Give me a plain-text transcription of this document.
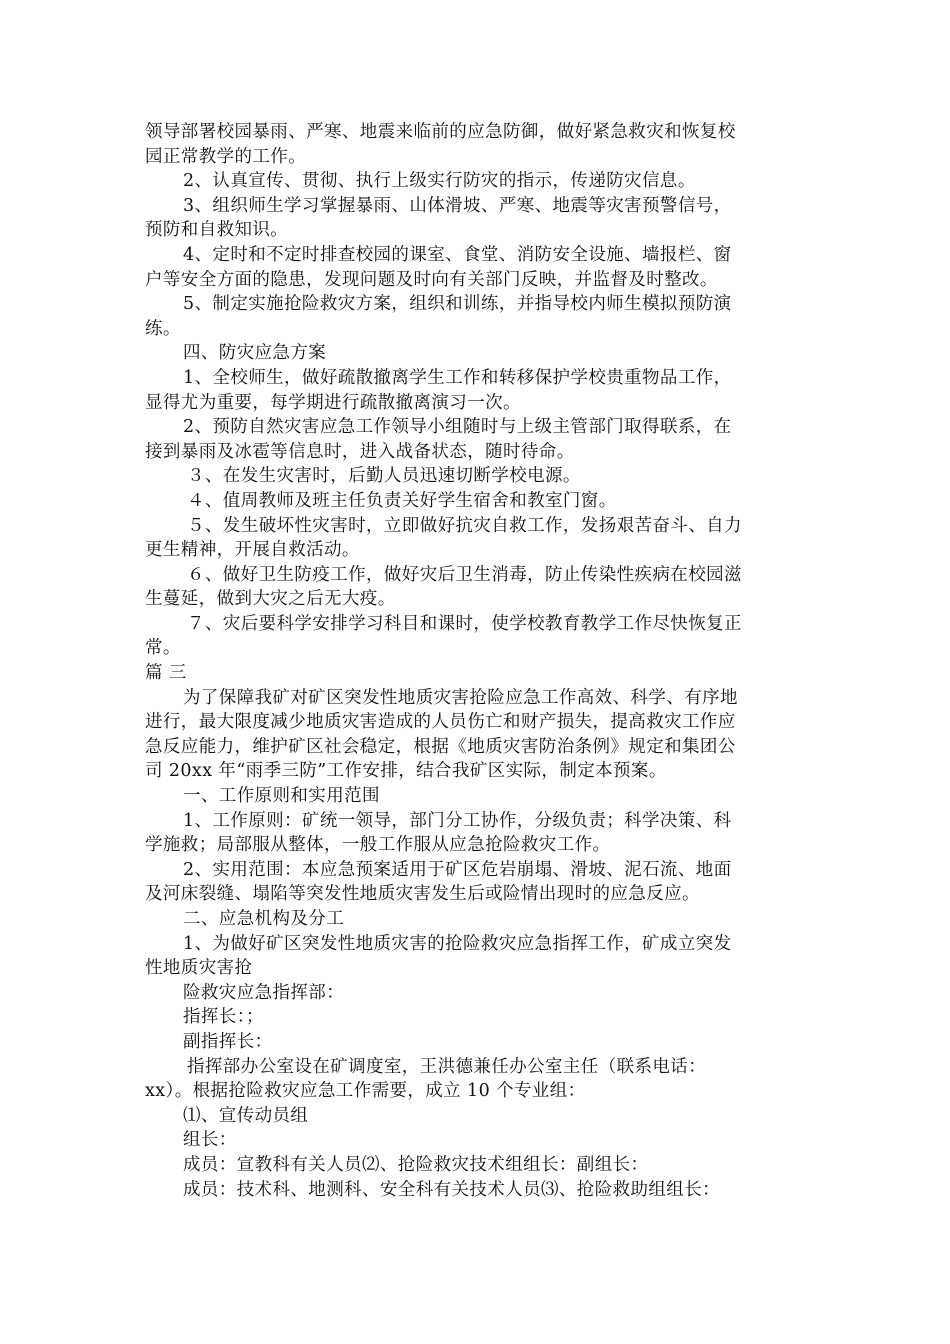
领导部署校园暴雨、严寒、地震来临前的应急防御，做好紧急救灾和恢复校
园正常教学的工作。
2、认真宣传、贯彻、执行上级实行防灾的指示，传递防灾信息。
3、组织师生学习掌握暴雨、山体滑坡、严寒、地震等灾害预警信号，
预防和自救知识。
4、定时和不定时排查校园的课室、食堂、消防安全设施、墙报栏、窗
户等安全方面的隐患，发现问题及时向有关部门反映，并监督及时整改。
5、制定实施抢险救灾方案，组织和训练，并指导校内师生模拟预防演
练。
四、防灾应急方案
1、全校师生，做好疏散撤离学生工作和转移保护学校贵重物品工作，
显得尤为重要，每学期进行疏散撤离演习一次。
2、预防自然灾害应急工作领导小组随时与上级主管部门取得联系，在
接到暴雨及冰雹等信息时，进入战备状态，随时待命。
３、在发生灾害时，后勤人员迅速切断学校电源。
４、值周教师及班主任负责关好学生宿舍和教室门窗。
５、发生破坏性灾害时，立即做好抗灾自救工作，发扬艰苦奋斗、自力
更生精神，开展自救活动。
６、做好卫生防疫工作，做好灾后卫生消毒，防止传染性疾病在校园滋
生蔓延，做到大灾之后无大疫。
７、灾后要科学安排学习科目和课时，使学校教育教学工作尽快恢复正
常。
篇 三
为了保障我矿对矿区突发性地质灾害抢险应急工作高效、科学、有序地
进行，最大限度减少地质灾害造成的人员伤亡和财产损失，提高救灾工作应
急反应能力，维护矿区社会稳定，根据《地质灾害防治条例》规定和集团公
司 20xx 年“雨季三防”工作安排，结合我矿区实际，制定本预案。
一、工作原则和实用范围
1、工作原则：矿统一领导，部门分工协作，分级负责；科学决策、科
学施救；局部服从整体，一般工作服从应急抢险救灾工作。
2、实用范围：本应急预案适用于矿区危岩崩塌、滑坡、泥石流、地面
及河床裂缝、塌陷等突发性地质灾害发生后或险情出现时的应急反应。
二、应急机构及分工
1、为做好矿区突发性地质灾害的抢险救灾应急指挥工作，矿成立突发
性地质灾害抢
险救灾应急指挥部：
指挥长：；
副指挥长：
指挥部办公室设在矿调度室，王洪德兼任办公室主任（联系电话：
xx）。根据抢险救灾应急工作需要，成立 10 个专业组：
⑴、宣传动员组
组长：
成员：宣教科有关人员⑵、抢险救灾技术组组长：副组长：
成员：技术科、地测科、安全科有关技术人员⑶、抢险救助组组长：
